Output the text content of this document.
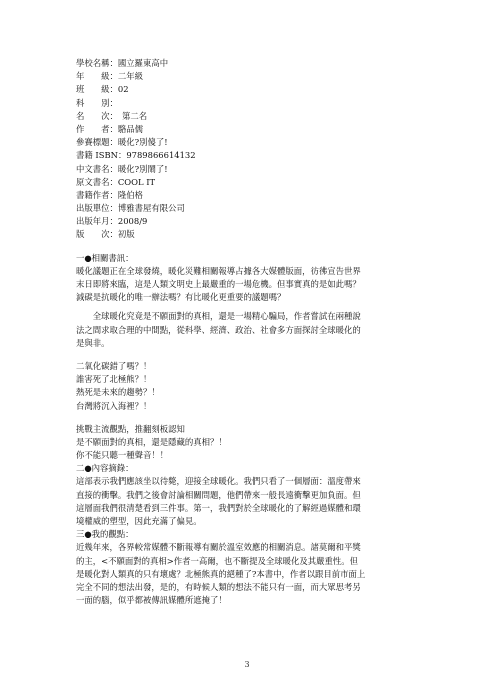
學校名稱：國立羅東高中
年　　級：二年級
班　　級：02
科　　別：
名　　次：　第二名
作　　者：駱品儒
參賽標題：暖化?別傻了!
書籍 ISBN：9789866614132
中文書名：暖化?別鬧了!
原文書名：COOL IT
書籍作者：隆伯格
出版單位：博雅書屋有限公司
出版年月：2008/9
版　　次：初版
一●相關書訊：
暖化議題正在全球發燒，暖化災難相關報導占據各大媒體版面，彷彿宣告世界
末日即將來臨，這是人類文明史上最嚴重的一場危機。但事實真的是如此嗎？
減碳是抗暖化的唯一辦法嗎？有比暖化更重要的議題嗎？
全球暖化究竟是不願面對的真相，還是一場精心騙局，作者嘗試在兩種說
法之間求取合理的中間點，從科學、經濟、政治、社會多方面探討全球暖化的
是與非。
二氧化碳錯了嗎？！
誰害死了北極熊？！
熱死是未來的趨勢？！
台灣將沉入海裡？！
挑戰主流觀點，推翻刻板認知
是不願面對的真相，還是隱藏的真相？！
你不能只聽一種聲音！！
二●內容摘錄：
這部表示我們應該坐以待斃，迎接全球暖化。我們只看了一個層面：溫度帶來
直接的衝擊。我們之後會討論相關問題，他們帶來一般長遠衝擊更加負面。但
這層面我們很清楚看到三件事。第一，我們對於全球暖化的了解經過媒體和環
境權威的塑型，因此充滿了偏見。
三●我的觀點：
近幾年來，各界較常媒體不斷報導有關於溫室效應的相關消息。諸莫爾和平獎
的主，<不願面對的真相>作者一高爾，也不斷提及全球暖化及其嚴重性。但
是暖化對人類真的只有壞處？北極熊真的絕種了?本書中，作者以跟目前市面上
完全不同的想法出發，是的，有時候人類的想法不能只有一面，而大眾思考另
一面的腦，似乎都被傳訊媒體所遮掩了！
3
